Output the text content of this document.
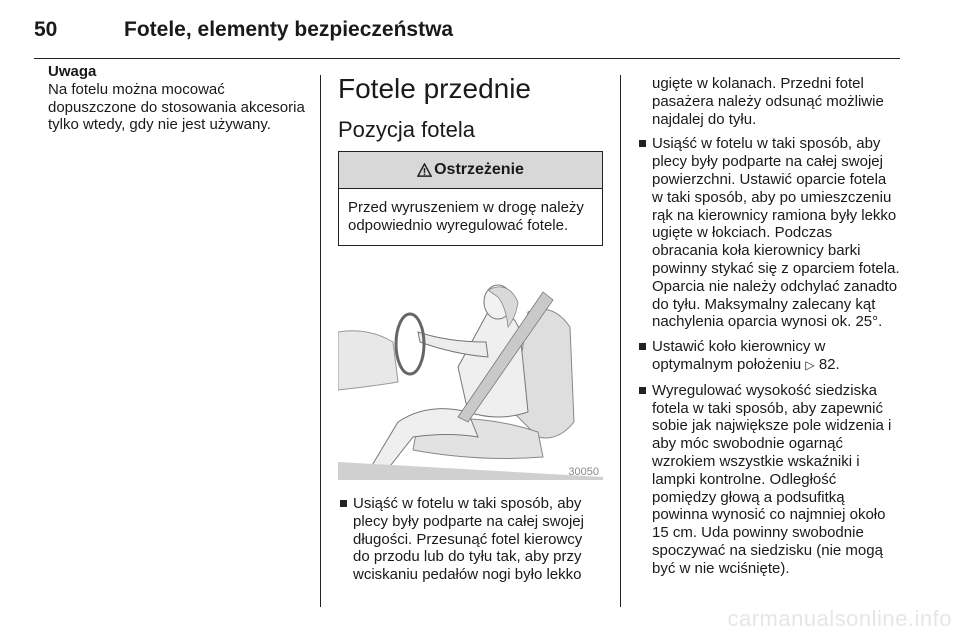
50	Fotele, elementy bezpieczeństwa
Uwaga
Na fotelu można mocować dopuszczone do stosowania akcesoria tylko wtedy, gdy nie jest używany.
Fotele przednie
Pozycja fotela
Ostrzeżenie
Przed wyruszeniem w drogę należy odpowiednio wyregulować fotele.
30050
Usiąść w fotelu w taki sposób, aby plecy były podparte na całej swojej długości. Przesunąć fotel kierowcy do przodu lub do tyłu tak, aby przy wciskaniu pedałów nogi było lekko
ugięte w kolanach. Przedni fotel pasażera należy odsunąć możliwie najdalej do tyłu.
Usiąść w fotelu w taki sposób, aby plecy były podparte na całej swojej powierzchni. Ustawić oparcie fotela w taki sposób, aby po umieszczeniu rąk na kierownicy ramiona były lekko ugięte w łokciach. Podczas obracania koła kierownicy barki powinny stykać się z oparciem fotela. Oparcia nie należy odchylać zanadto do tyłu. Maksymalny zalecany kąt nachylenia oparcia wynosi ok. 25°.
Ustawić koło kierownicy w optymalnym położeniu ▷ 82.
Wyregulować wysokość siedziska fotela w taki sposób, aby zapewnić sobie jak największe pole widzenia i aby móc swobodnie ogarnąć wzrokiem wszystkie wskaźniki i lampki kontrolne. Odległość pomiędzy głową a podsufitką powinna wynosić co najmniej około 15 cm. Uda powinny swobodnie spoczywać na siedzisku (nie mogą być w nie wciśnięte).
carmanualsonline.info
